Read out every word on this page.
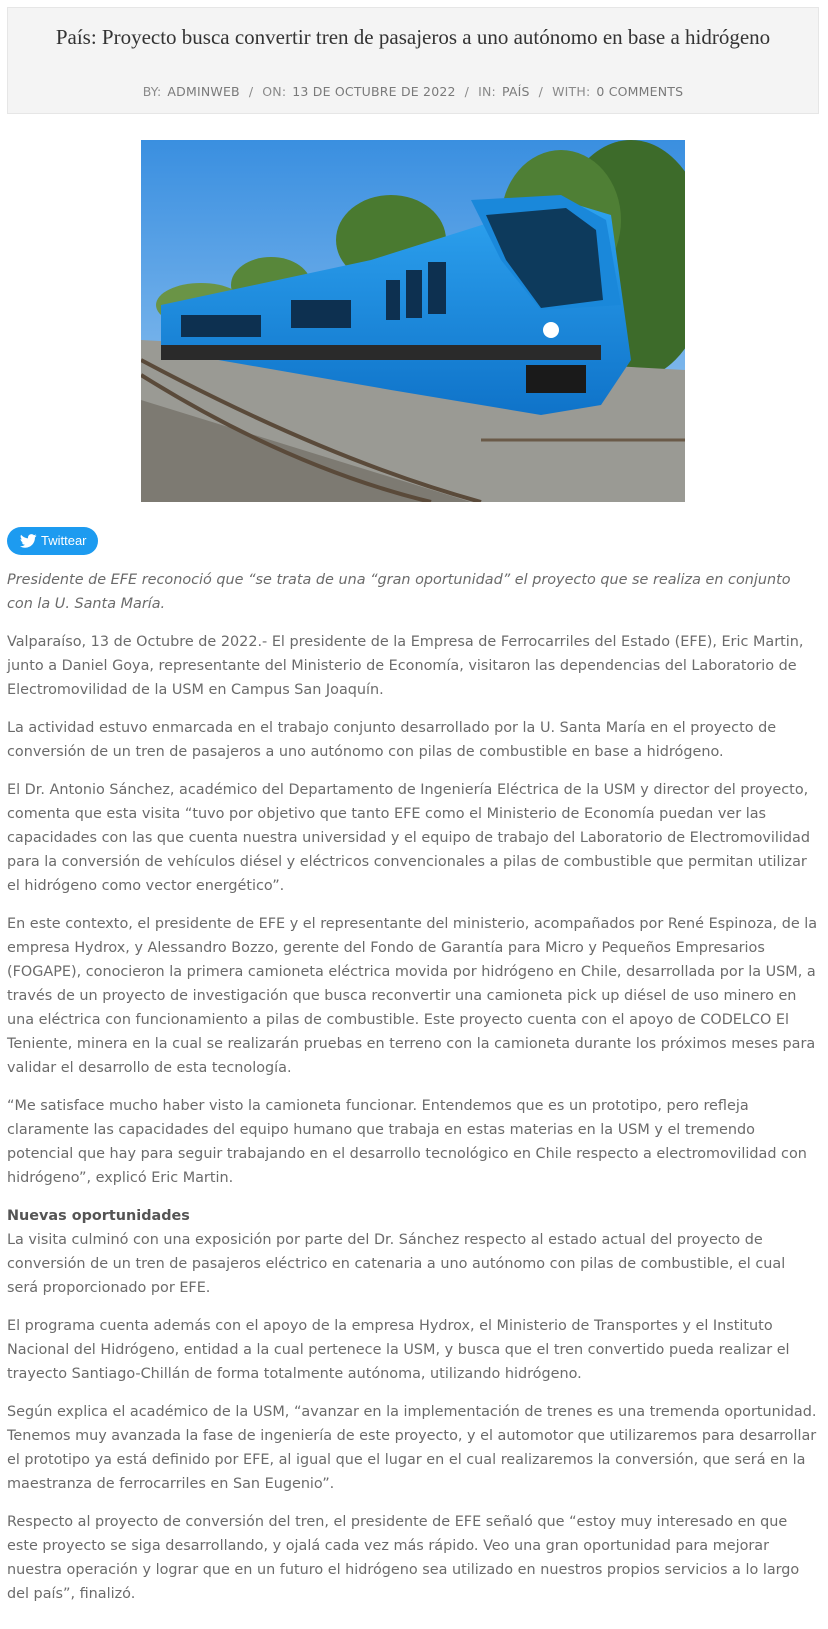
País: Proyecto busca convertir tren de pasajeros a uno autónomo en base a hidrógeno
BY: ADMINWEB / ON: 13 DE OCTUBRE DE 2022 / IN: PAÍS / WITH: 0 COMMENTS
Twittear

Presidente de EFE reconoció que “se trata de una “gran oportunidad” el proyecto que se realiza en conjunto con la U. Santa María.

Valparaíso, 13 de Octubre de 2022.- El presidente de la Empresa de Ferrocarriles del Estado (EFE), Eric Martin, junto a Daniel Goya, representante del Ministerio de Economía, visitaron las dependencias del Laboratorio de Electromovilidad de la USM en Campus San Joaquín.

La actividad estuvo enmarcada en el trabajo conjunto desarrollado por la U. Santa María en el proyecto de conversión de un tren de pasajeros a uno autónomo con pilas de combustible en base a hidrógeno.

El Dr. Antonio Sánchez, académico del Departamento de Ingeniería Eléctrica de la USM y director del proyecto, comenta que esta visita “tuvo por objetivo que tanto EFE como el Ministerio de Economía puedan ver las capacidades con las que cuenta nuestra universidad y el equipo de trabajo del Laboratorio de Electromovilidad para la conversión de vehículos diésel y eléctricos convencionales a pilas de combustible que permitan utilizar el hidrógeno como vector energético”.

En este contexto, el presidente de EFE y el representante del ministerio, acompañados por René Espinoza, de la empresa Hydrox, y Alessandro Bozzo, gerente del Fondo de Garantía para Micro y Pequeños Empresarios (FOGAPE), conocieron la primera camioneta eléctrica movida por hidrógeno en Chile, desarrollada por la USM, a través de un proyecto de investigación que busca reconvertir una camioneta pick up diésel de uso minero en una eléctrica con funcionamiento a pilas de combustible. Este proyecto cuenta con el apoyo de CODELCO El Teniente, minera en la cual se realizarán pruebas en terreno con la camioneta durante los próximos meses para validar el desarrollo de esta tecnología.

“Me satisface mucho haber visto la camioneta funcionar. Entendemos que es un prototipo, pero refleja claramente las capacidades del equipo humano que trabaja en estas materias en la USM y el tremendo potencial que hay para seguir trabajando en el desarrollo tecnológico en Chile respecto a electromovilidad con hidrógeno”, explicó Eric Martin.

Nuevas oportunidades
La visita culminó con una exposición por parte del Dr. Sánchez respecto al estado actual del proyecto de conversión de un tren de pasajeros eléctrico en catenaria a uno autónomo con pilas de combustible, el cual será proporcionado por EFE.

El programa cuenta además con el apoyo de la empresa Hydrox, el Ministerio de Transportes y el Instituto Nacional del Hidrógeno, entidad a la cual pertenece la USM, y busca que el tren convertido pueda realizar el trayecto Santiago-Chillán de forma totalmente autónoma, utilizando hidrógeno.

Según explica el académico de la USM, “avanzar en la implementación de trenes es una tremenda oportunidad. Tenemos muy avanzada la fase de ingeniería de este proyecto, y el automotor que utilizaremos para desarrollar el prototipo ya está definido por EFE, al igual que el lugar en el cual realizaremos la conversión, que será en la maestranza de ferrocarriles en San Eugenio”.

Respecto al proyecto de conversión del tren, el presidente de EFE señaló que “estoy muy interesado en que este proyecto se siga desarrollando, y ojalá cada vez más rápido. Veo una gran oportunidad para mejorar nuestra operación y lograr que en un futuro el hidrógeno sea utilizado en nuestros propios servicios a lo largo del país”, finalizó.
